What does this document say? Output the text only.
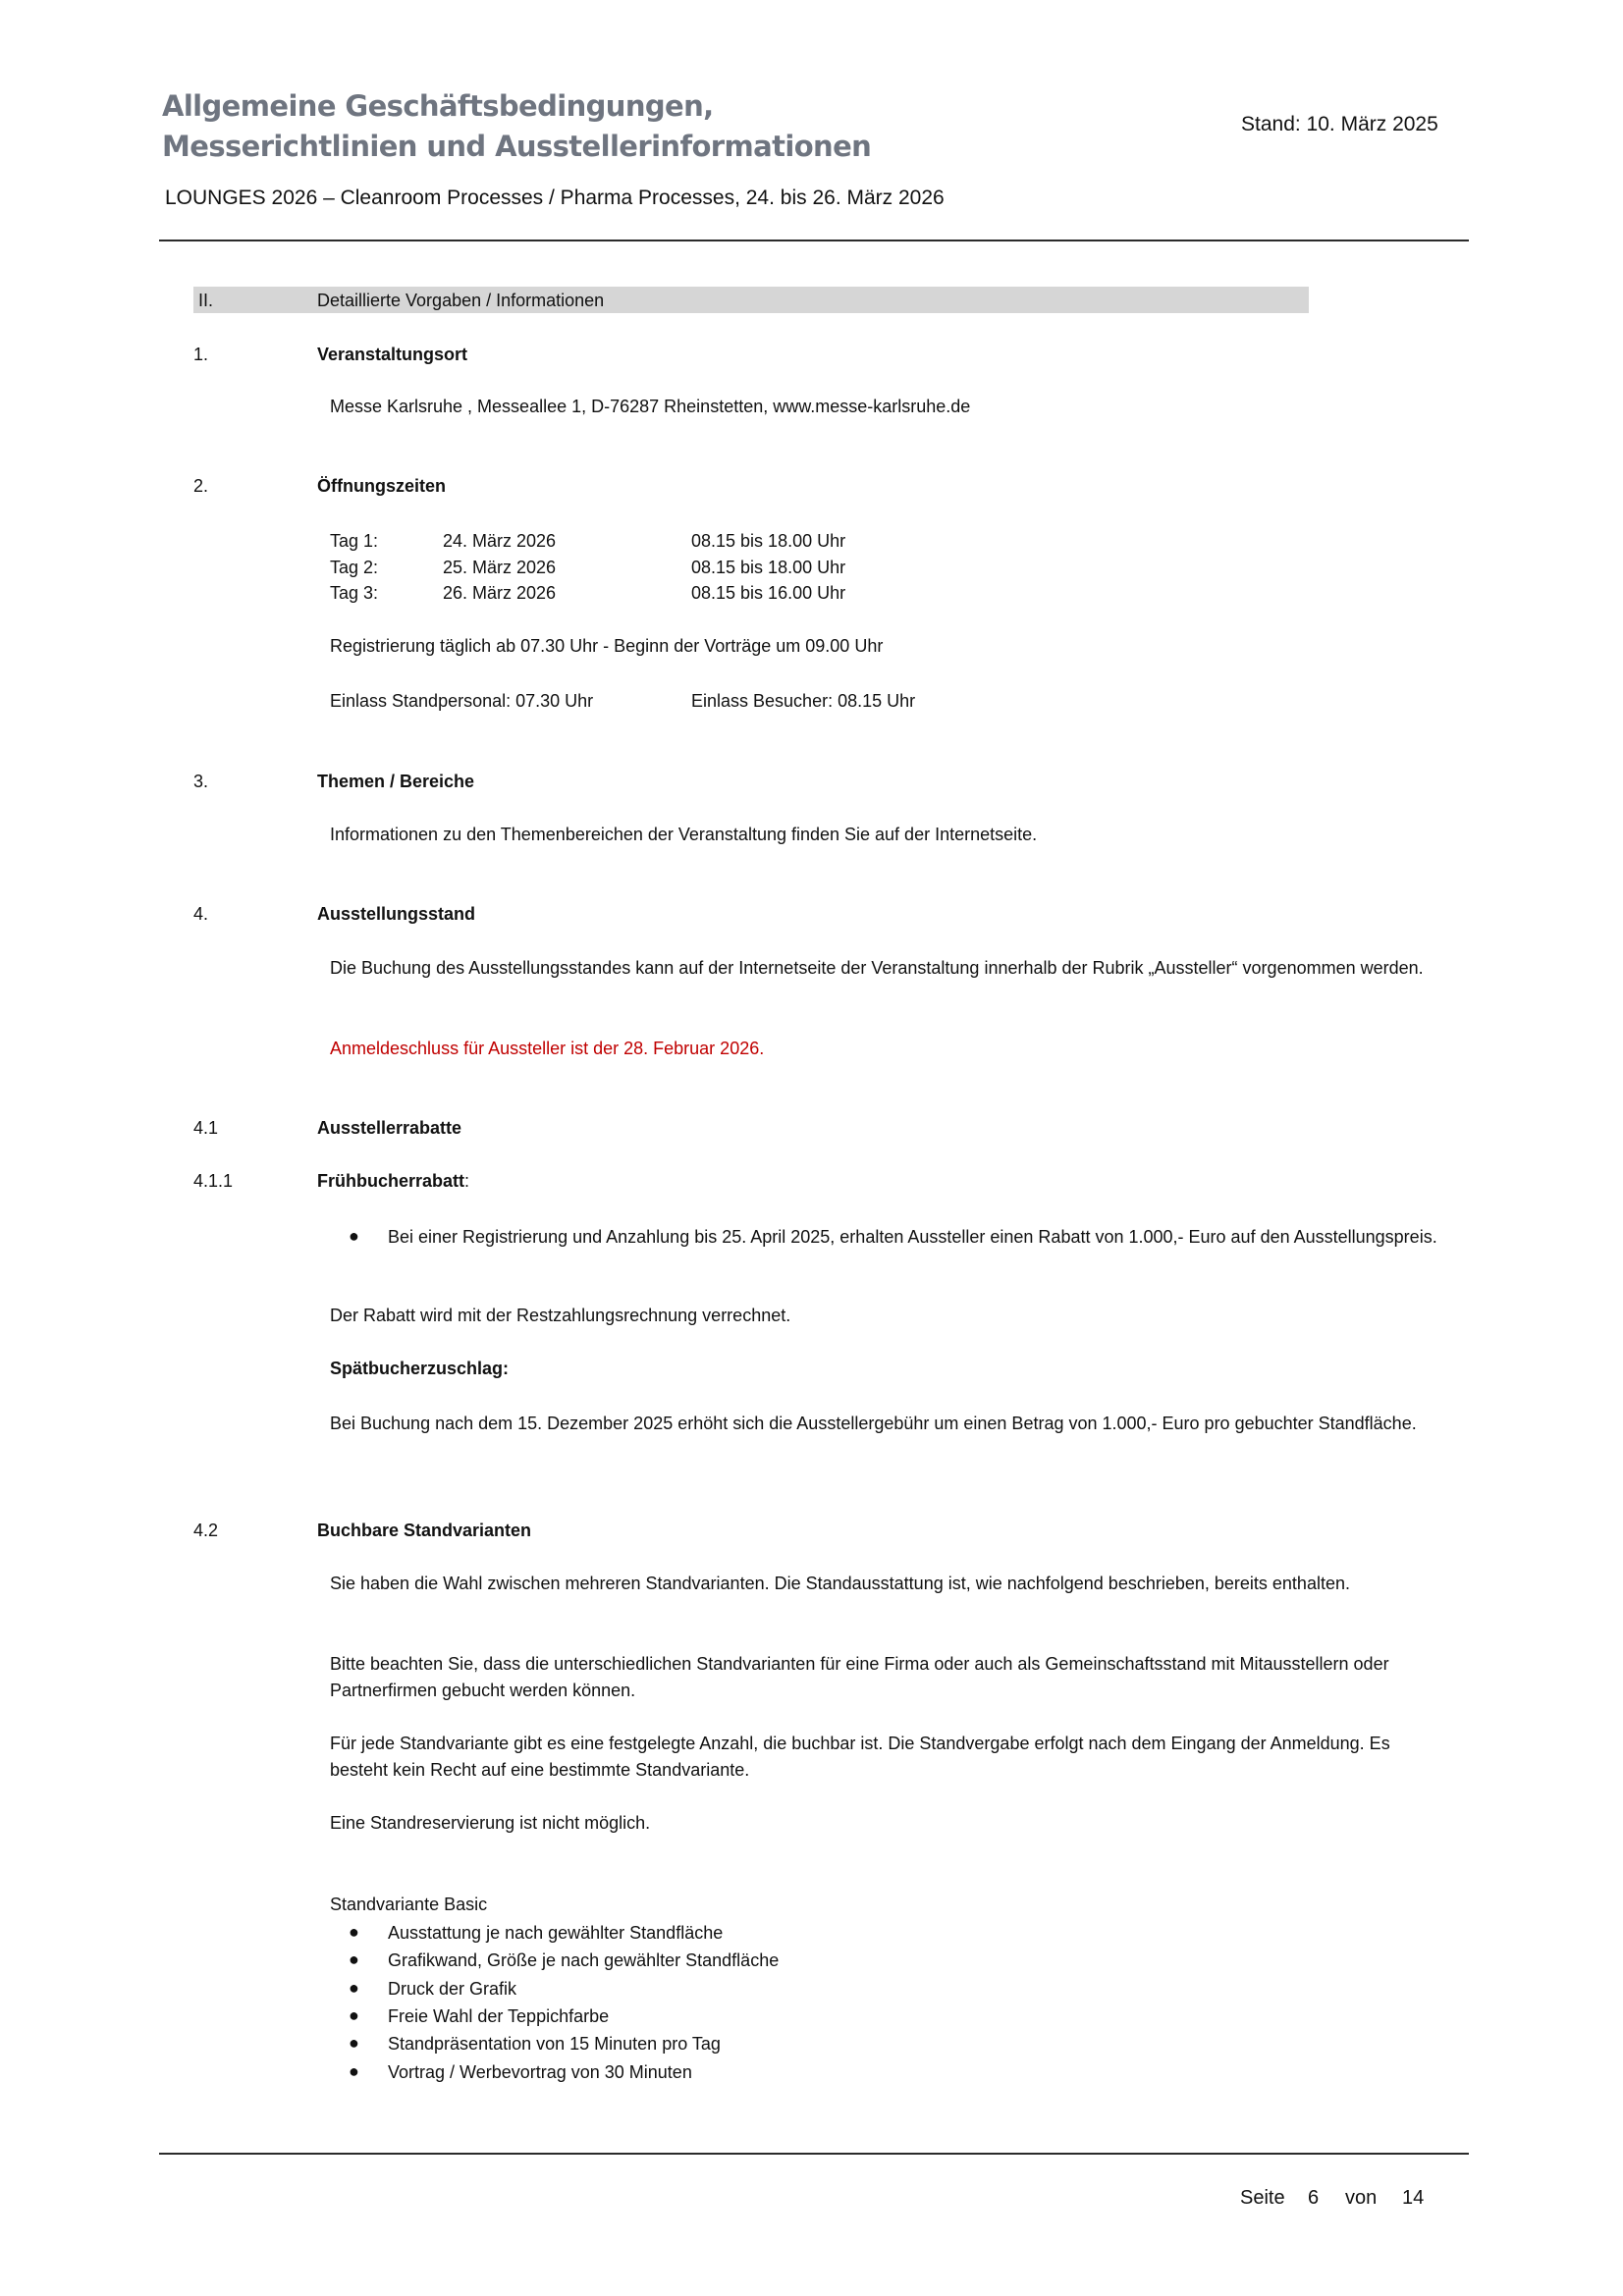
Allgemeine Geschäftsbedingungen,
Messerichtlinien und Ausstellerinformationen
Stand: 10. März 2025
LOUNGES 2026 – Cleanroom Processes / Pharma Processes, 24. bis 26. März 2026
II.	Detaillierte Vorgaben / Informationen
1.	Veranstaltungsort
Messe Karlsruhe , Messeallee 1, D-76287 Rheinstetten, www.messe-karlsruhe.de
2.	Öffnungszeiten
Tag 1:	24. März 2026	08.15 bis 18.00 Uhr
Tag 2:	25. März 2026	08.15 bis 18.00 Uhr
Tag 3:	26. März 2026	08.15 bis 16.00 Uhr
Registrierung täglich ab 07.30 Uhr - Beginn der Vorträge um 09.00 Uhr
Einlass Standpersonal: 07.30 Uhr	Einlass Besucher: 08.15 Uhr
3.	Themen / Bereiche
Informationen zu den Themenbereichen der Veranstaltung finden Sie auf der Internetseite.
4.	Ausstellungsstand
Die Buchung des Ausstellungsstandes kann auf der Internetseite der Veranstaltung innerhalb der Rubrik „Aussteller“ vorgenommen werden.
Anmeldeschluss für Aussteller ist der 28. Februar 2026.
4.1	Ausstellerrabatte
4.1.1	Frühbucherrabatt:
● Bei einer Registrierung und Anzahlung bis 25. April 2025, erhalten Aussteller einen Rabatt von 1.000,- Euro auf den Ausstellungspreis.
Der Rabatt wird mit der Restzahlungsrechnung verrechnet.
Spätbucherzuschlag:
Bei Buchung nach dem 15. Dezember 2025 erhöht sich die Ausstellergebühr um einen Betrag von 1.000,- Euro pro gebuchter Standfläche.
4.2	Buchbare Standvarianten
Sie haben die Wahl zwischen mehreren Standvarianten. Die Standausstattung ist, wie nachfolgend beschrieben, bereits enthalten.
Bitte beachten Sie, dass die unterschiedlichen Standvarianten für eine Firma oder auch als Gemeinschaftsstand mit Mitausstellern oder Partnerfirmen gebucht werden können.
Für jede Standvariante gibt es eine festgelegte Anzahl, die buchbar ist. Die Standvergabe erfolgt nach dem Eingang der Anmeldung. Es besteht kein Recht auf eine bestimmte Standvariante.
Eine Standreservierung ist nicht möglich.
Standvariante Basic
● Ausstattung je nach gewählter Standfläche
● Grafikwand, Größe je nach gewählter Standfläche
● Druck der Grafik
● Freie Wahl der Teppichfarbe
● Standpräsentation von 15 Minuten pro Tag
● Vortrag / Werbevortrag von 30 Minuten
Seite 6 von 14
